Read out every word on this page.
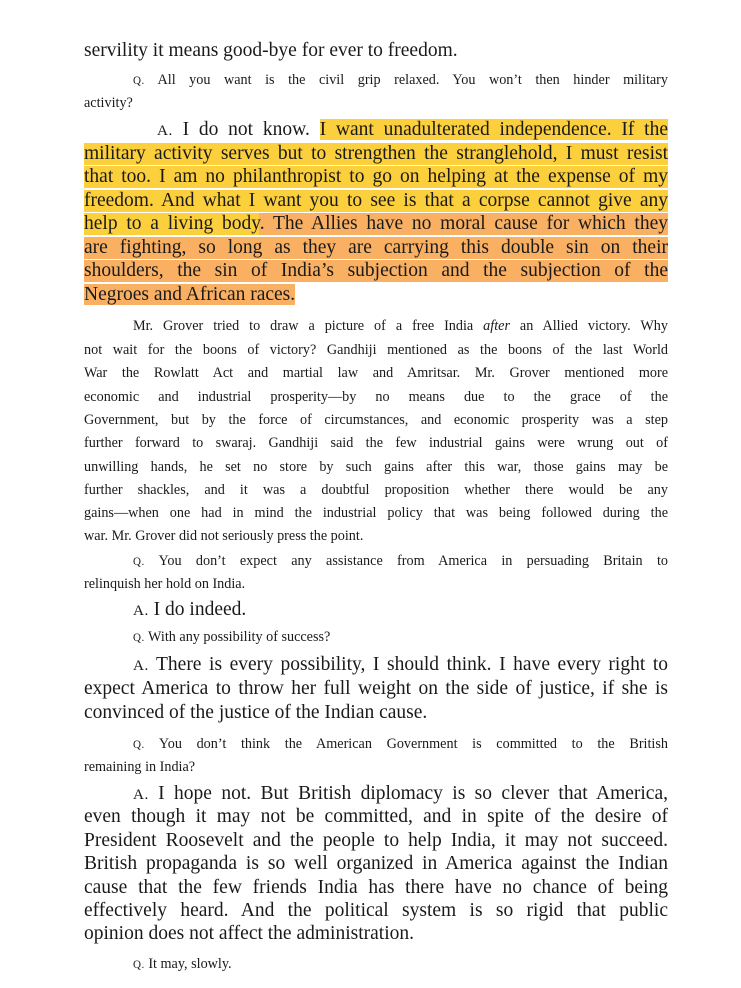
servility it means good-bye for ever to freedom.

Q. All you want is the civil grip relaxed. You won’t then hinder military

activity?

A. I do not know. I want unadulterated independence. If the

military activity serves but to strengthen the stranglehold, I must resist

that too. I am no philanthropist to go on helping at the expense of my

freedom. And what I want you to see is that a corpse cannot give any

help to a living body. The Allies have no moral cause for which they

are fighting, so long as they are carrying this double sin on their

shoulders, the sin of India’s subjection and the subjection of the

Negroes and African races.

Mr. Grover tried to draw a picture of a free India after an Allied victory. Why

not wait for the boons of victory? Gandhiji mentioned as the boons of the last World

War the Rowlatt Act and martial law and Amritsar. Mr. Grover mentioned more

economic and industrial prosperity—by no means due to the grace of the

Government, but by the force of circumstances, and economic prosperity was a step

further forward to swaraj. Gandhiji said the few industrial gains were wrung out of

unwilling hands, he set no store by such gains after this war, those gains may be

further shackles, and it was a doubtful proposition whether there would be any

gains—when one had in mind the industrial policy that was being followed during the

war. Mr. Grover did not seriously press the point.

Q. You don’t expect any assistance from America in persuading Britain to

relinquish her hold on India.

A. I do indeed.

Q. With any possibility of success?

A. There is every possibility, I should think. I have every right to

expect America to throw her full weight on the side of justice, if she is

convinced of the justice of the Indian cause.

Q. You don’t think the American Government is committed to the British

remaining in India?

A. I hope not. But British diplomacy is so clever that America,

even though it may not be committed, and in spite of the desire of

President Roosevelt and the people to help India, it may not succeed.

British propaganda is so well organized in America against the Indian

cause that the few friends India has there have no chance of being

effectively heard. And the political system is so rigid that public

opinion does not affect the administration.

Q. It may, slowly.
